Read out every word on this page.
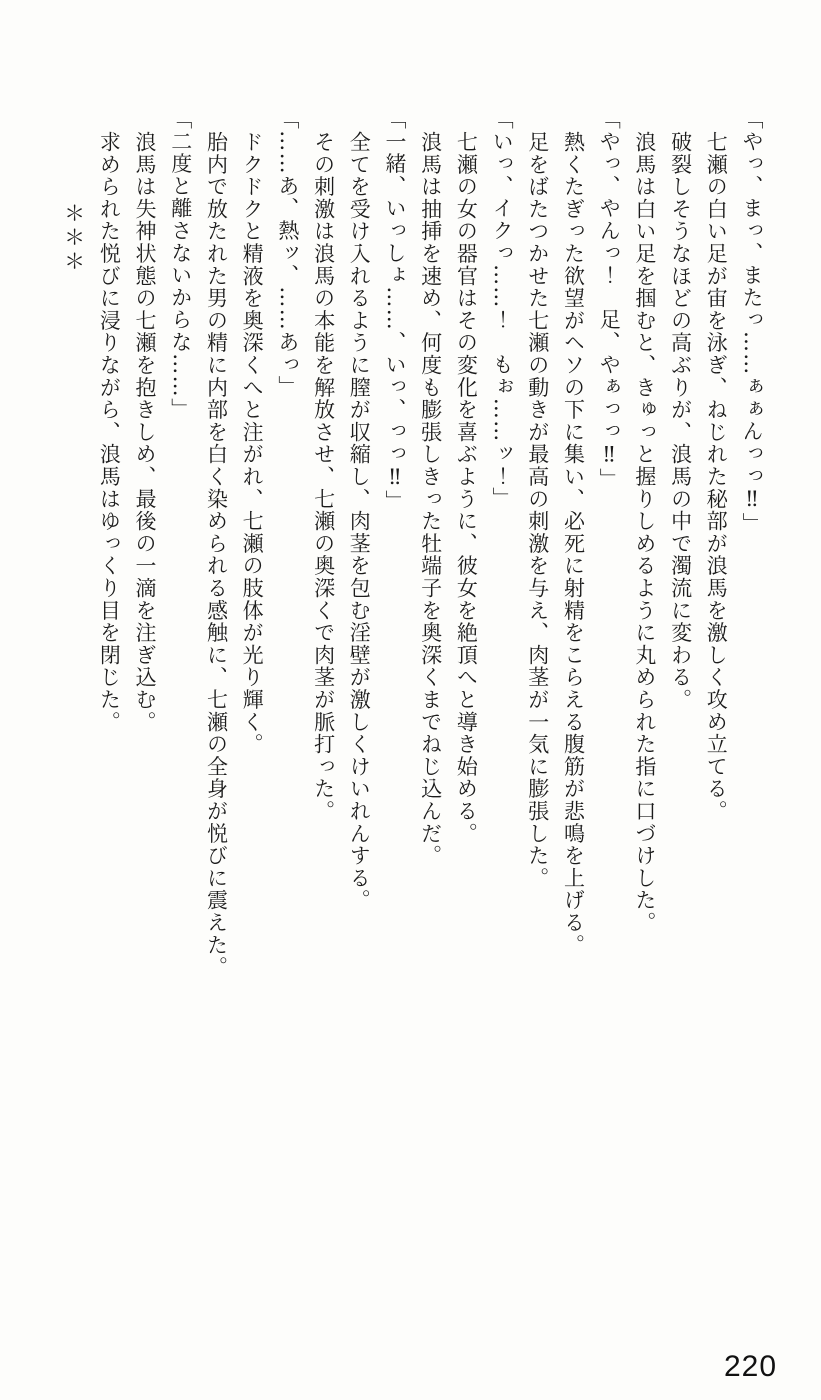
「やっ、まっ、またっ……ぁぁんっっ‼」

七瀬の白い足が宙を泳ぎ、ねじれた秘部が浪馬を激しく攻め立てる。

破裂しそうなほどの高ぶりが、浪馬の中で濁流に変わる。

浪馬は白い足を掴むと、きゅっと握りしめるように丸められた指に口づけした。

「やっ、やんっ！　足、やぁっっ‼」

熱くたぎった欲望がヘソの下に集い、必死に射精をこらえる腹筋が悲鳴を上げる。

足をばたつかせた七瀬の動きが最高の刺激を与え、肉茎が一気に膨張した。

「いっ、イクっ……！　もぉ……ッ！」

七瀬の女の器官はその変化を喜ぶように、彼女を絶頂へと導き始める。

浪馬は抽挿を速め、何度も膨張しきった牡端子を奥深くまでねじ込んだ。

「一緒、いっしょ……、いっ、っっ‼」

全てを受け入れるように膣が収縮し、肉茎を包む淫壁が激しくけいれんする。

その刺激は浪馬の本能を解放させ、七瀬の奥深くで肉茎が脈打った。

「……あ、熱ッ、……あっ」

ドクドクと精液を奥深くへと注がれ、七瀬の肢体が光り輝く。

胎内で放たれた男の精に内部を白く染められる感触に、七瀬の全身が悦びに震えた。

「二度と離さないからな……」

浪馬は失神状態の七瀬を抱きしめ、最後の一滴を注ぎ込む。

求められた悦びに浸りながら、浪馬はゆっくり目を閉じた。

＊＊＊

220
